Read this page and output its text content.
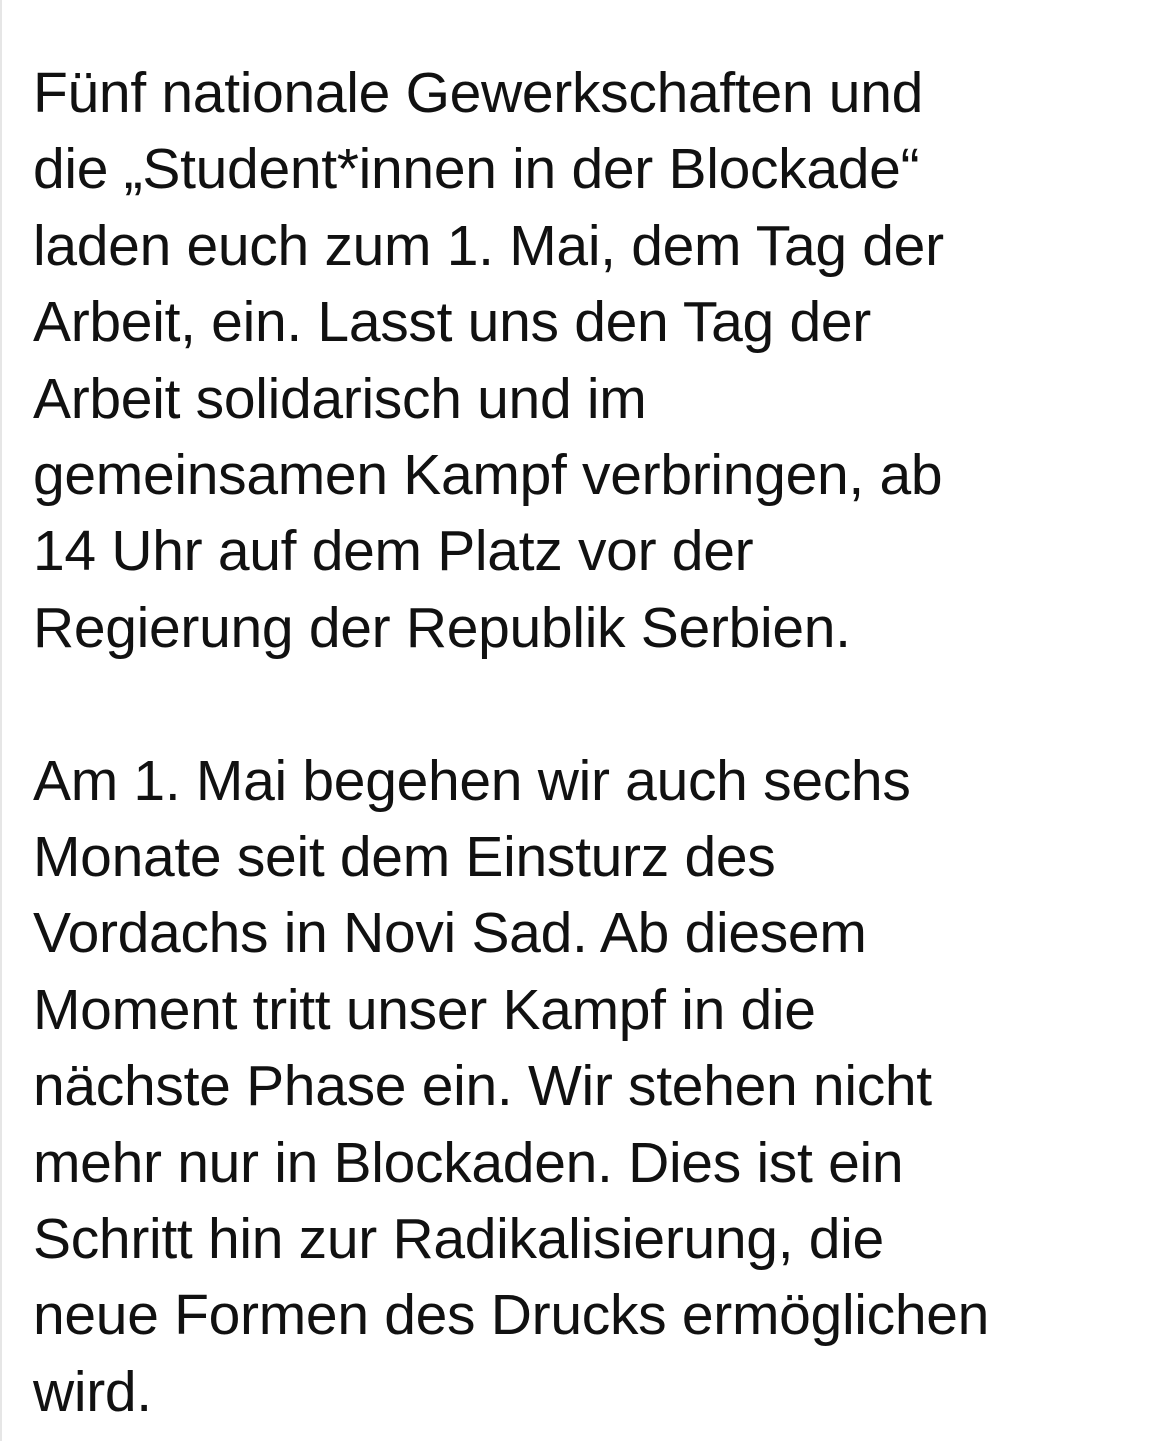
Fünf nationale Gewerkschaften und
die „Student*innen in der Blockade“
laden euch zum 1. Mai, dem Tag der
Arbeit, ein. Lasst uns den Tag der
Arbeit solidarisch und im
gemeinsamen Kampf verbringen, ab
14 Uhr auf dem Platz vor der
Regierung der Republik Serbien.

Am 1. Mai begehen wir auch sechs
Monate seit dem Einsturz des
Vordachs in Novi Sad. Ab diesem
Moment tritt unser Kampf in die
nächste Phase ein. Wir stehen nicht
mehr nur in Blockaden. Dies ist ein
Schritt hin zur Radikalisierung, die
neue Formen des Drucks ermöglichen
wird.
